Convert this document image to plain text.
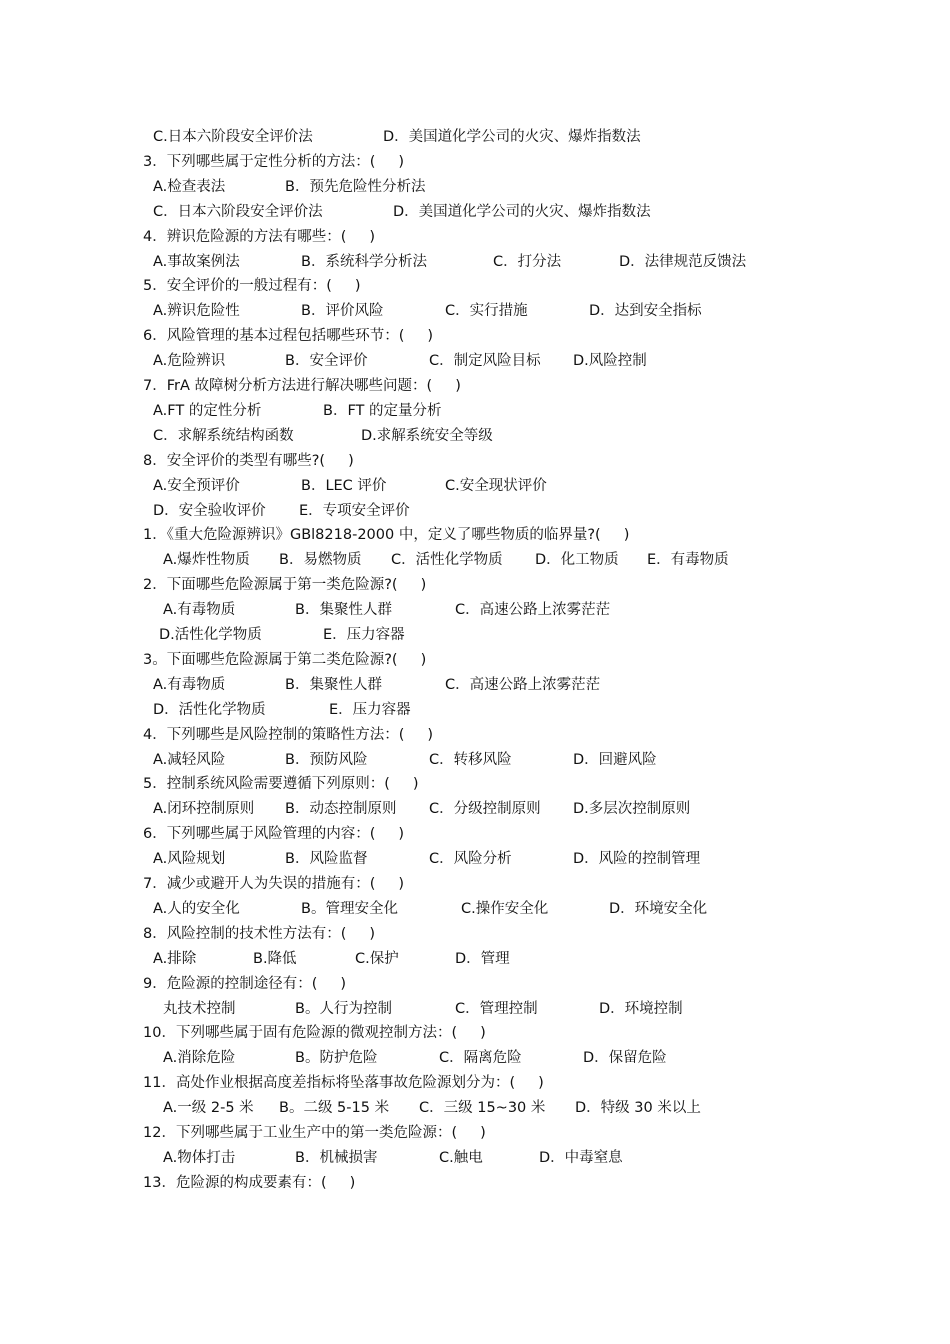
C.日本六阶段安全评价法	D．美国道化学公司的火灾、爆炸指数法
3．下列哪些属于定性分析的方法：(     )
A.检查表法	B．预先危险性分析法
C．日本六阶段安全评价法	D．美国道化学公司的火灾、爆炸指数法
4．辨识危险源的方法有哪些：(     )
A.事故案例法	B．系统科学分析法	C．打分法	D．法律规范反馈法
5．安全评价的一般过程有：(     )
A.辨识危险性	B．评价风险	C．实行措施	D．达到安全指标
6．风险管理的基本过程包括哪些环节：(     )
A.危险辨识	B．安全评价	C．制定风险目标 D.风险控制
7．FrA 故障树分析方法进行解决哪些问题：(     )
A.FT 的定性分析	B．FT 的定量分析
C．求解系统结构函数	D.求解系统安全等级
8．安全评价的类型有哪些?(     )
A.安全预评价	B．LEC 评价	C.安全现状评价
D．安全验收评价 E．专项安全评价
1．《重大危险源辨识》GBl8218-2000 中，定义了哪些物质的临界量?(     )
A.爆炸性物质 B．易燃物质 C．活性化学物质 D．化工物质 E．有毒物质
2．下面哪些危险源属于第一类危险源?(     )
A.有毒物质	B．集聚性人群	C．高速公路上浓雾茫茫
D.活性化学物质	E．压力容器
3。下面哪些危险源属于第二类危险源?(     )
A.有毒物质	B．集聚性人群	C．高速公路上浓雾茫茫
D．活性化学物质	E．压力容器
4．下列哪些是风险控制的策略性方法：(     )
A.减轻风险	B．预防风险	C．转移风险	D．回避风险
5．控制系统风险需要遵循下列原则：(     )
A.闭环控制原则 B．动态控制原则 C．分级控制原则 D.多层次控制原则
6．下列哪些属于风险管理的内容：(     )
A.风险规划	B．风险监督	C．风险分析	D．风险的控制管理
7．减少或避开人为失误的措施有：(     )
A.人的安全化	B。管理安全化	C.操作安全化	D．环境安全化
8．风险控制的技术性方法有：(     )
A.排除	B.降低	C.保护	D．管理
9．危险源的控制途径有：(     )
丸技术控制	B。人行为控制	C．管理控制	D．环境控制
10．下列哪些属于固有危险源的微观控制方法：(     )
A.消除危险	B。防护危险	C．隔离危险	D．保留危险
11．高处作业根据高度差指标将坠落事故危险源划分为：(     )
A.一级 2-5 米 B。二级 5-15 米 C．三级 15~30 米 D．特级 30 米以上
12．下列哪些属于工业生产中的第一类危险源：(     )
A.物体打击	B．机械损害	C.触电	D．中毒窒息
13．危险源的构成要素有：(     )
